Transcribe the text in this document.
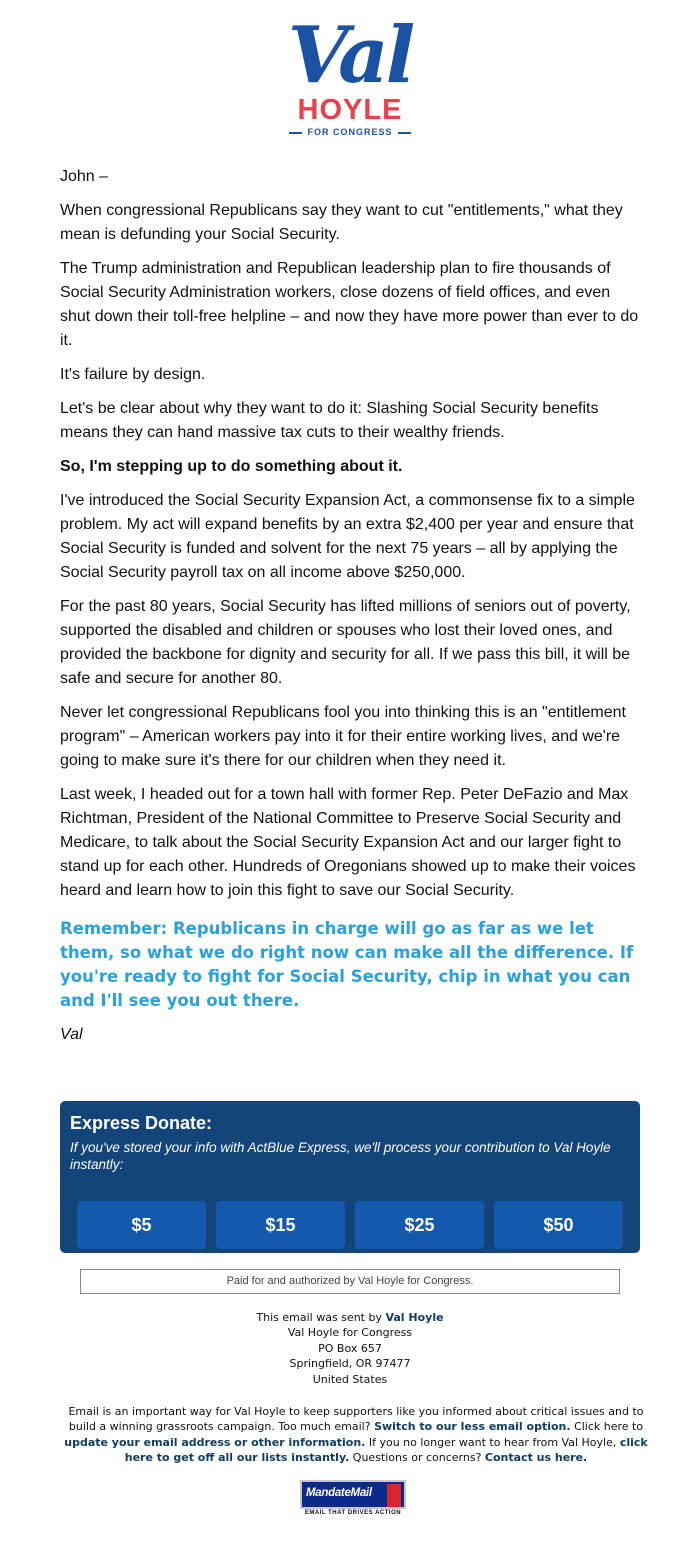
Val
HOYLE
FOR CONGRESS

John –

When congressional Republicans say they want to cut "entitlements," what they mean is defunding your Social Security.

The Trump administration and Republican leadership plan to fire thousands of Social Security Administration workers, close dozens of field offices, and even shut down their toll-free helpline – and now they have more power than ever to do it.

It's failure by design.

Let's be clear about why they want to do it: Slashing Social Security benefits means they can hand massive tax cuts to their wealthy friends.

So, I'm stepping up to do something about it.

I've introduced the Social Security Expansion Act, a commonsense fix to a simple problem. My act will expand benefits by an extra $2,400 per year and ensure that Social Security is funded and solvent for the next 75 years – all by applying the Social Security payroll tax on all income above $250,000.

For the past 80 years, Social Security has lifted millions of seniors out of poverty, supported the disabled and children or spouses who lost their loved ones, and provided the backbone for dignity and security for all. If we pass this bill, it will be safe and secure for another 80.

Never let congressional Republicans fool you into thinking this is an "entitlement program" – American workers pay into it for their entire working lives, and we're going to make sure it's there for our children when they need it.

Last week, I headed out for a town hall with former Rep. Peter DeFazio and Max Richtman, President of the National Committee to Preserve Social Security and Medicare, to talk about the Social Security Expansion Act and our larger fight to stand up for each other. Hundreds of Oregonians showed up to make their voices heard and learn how to join this fight to save our Social Security.

Remember: Republicans in charge will go as far as we let them, so what we do right now can make all the difference. If you're ready to fight for Social Security, chip in what you can and I'll see you out there.

Val

Express Donate:
If you've stored your info with ActBlue Express, we'll process your contribution to Val Hoyle instantly:
$5	$15	$25	$50
Paid for and authorized by Val Hoyle for Congress.
This email was sent by Val Hoyle
Val Hoyle for Congress
PO Box 657
Springfield, OR 97477
United States
Email is an important way for Val Hoyle to keep supporters like you informed about critical issues and to build a winning grassroots campaign. Too much email? Switch to our less email option. Click here to update your email address or other information. If you no longer want to hear from Val Hoyle, click here to get off all our lists instantly. Questions or concerns? Contact us here.
MandateMail
EMAIL THAT DRIVES ACTION
